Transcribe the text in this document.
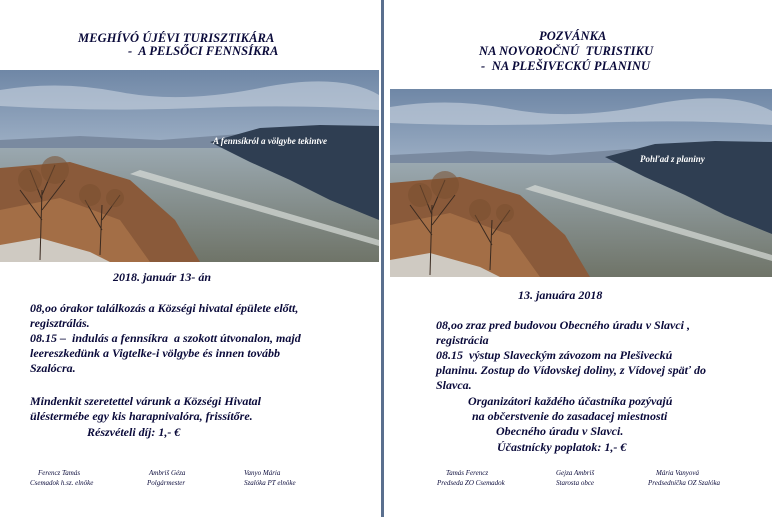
MEGHÍVÓ ÚJÉVI TURISZTIKÁRA
-  A PELSŐCI FENNSÍKRA
A fennsíkról a völgybe tekintve
2018. január 13- án
08,oo órakor találkozás a Községi hivatal épülete előtt,
regisztrálás.
08.15 –  indulás a fennsíkra  a szokott útvonalon, majd
leereszkedünk a Vigtelke-i völgybe és innen tovább
Szalócra.
Mindenkit szeretettel várunk a Községi Hivatal
üléstermébe egy kis harapnivalóra, frissítőre.
Részvételi díj: 1,- €
Ferencz Tamás
Csemadok h.sz. elnöke
Ambriš Géza
Polgármester
Vanyo Mária
Szalóka PT elnöke
POZVÁNKA
NA NOVOROČNÚ  TURISTIKU
-  NA PLEŠIVECKÚ PLANINU
Pohľad z planiny
13. januára 2018
08,oo zraz pred budovou Obecného úradu v Slavci ,
registrácia
08.15  výstup Slaveckým závozom na Plešiveckú
planinu. Zostup do Vídovskej doliny, z Vídovej späť do
Slavca.
Organizátori každého účastníka pozývajú
na občerstvenie do zasadacej miestnosti
Obecného úradu v Slavci.
Účastnícky poplatok: 1,- €
Tamás Ferencz
Predseda ZO Csemadok
Gejza Ambriš
Starosta obce
Mária Vanyová
Predsedníčka OZ Szalóka
